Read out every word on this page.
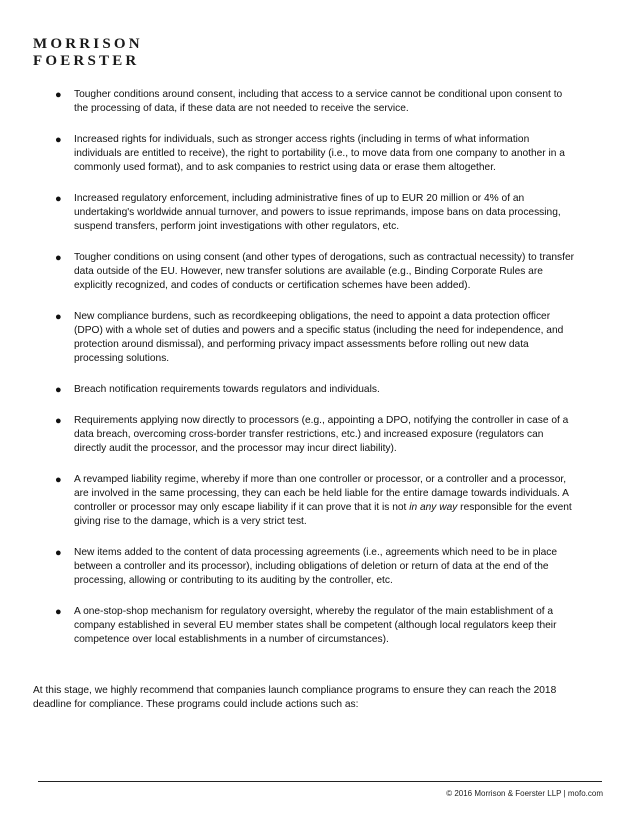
MORRISON
FOERSTER
● Tougher conditions around consent, including that access to a service cannot be conditional upon consent to the processing of data, if these data are not needed to receive the service.
● Increased rights for individuals, such as stronger access rights (including in terms of what information individuals are entitled to receive), the right to portability (i.e., to move data from one company to another in a commonly used format), and to ask companies to restrict using data or erase them altogether.
● Increased regulatory enforcement, including administrative fines of up to EUR 20 million or 4% of an undertaking's worldwide annual turnover, and powers to issue reprimands, impose bans on data processing, suspend transfers, perform joint investigations with other regulators, etc.
● Tougher conditions on using consent (and other types of derogations, such as contractual necessity) to transfer data outside of the EU. However, new transfer solutions are available (e.g., Binding Corporate Rules are explicitly recognized, and codes of conducts or certification schemes have been added).
● New compliance burdens, such as recordkeeping obligations, the need to appoint a data protection officer (DPO) with a whole set of duties and powers and a specific status (including the need for independence, and protection around dismissal), and performing privacy impact assessments before rolling out new data processing solutions.
● Breach notification requirements towards regulators and individuals.
● Requirements applying now directly to processors (e.g., appointing a DPO, notifying the controller in case of a data breach, overcoming cross-border transfer restrictions, etc.) and increased exposure (regulators can directly audit the processor, and the processor may incur direct liability).
● A revamped liability regime, whereby if more than one controller or processor, or a controller and a processor, are involved in the same processing, they can each be held liable for the entire damage towards individuals. A controller or processor may only escape liability if it can prove that it is not in any way responsible for the event giving rise to the damage, which is a very strict test.
● New items added to the content of data processing agreements (i.e., agreements which need to be in place between a controller and its processor), including obligations of deletion or return of data at the end of the processing, allowing or contributing to its auditing by the controller, etc.
● A one-stop-shop mechanism for regulatory oversight, whereby the regulator of the main establishment of a company established in several EU member states shall be competent (although local regulators keep their competence over local establishments in a number of circumstances).
At this stage, we highly recommend that companies launch compliance programs to ensure they can reach the 2018 deadline for compliance. These programs could include actions such as:
© 2016 Morrison & Foerster LLP | mofo.com
